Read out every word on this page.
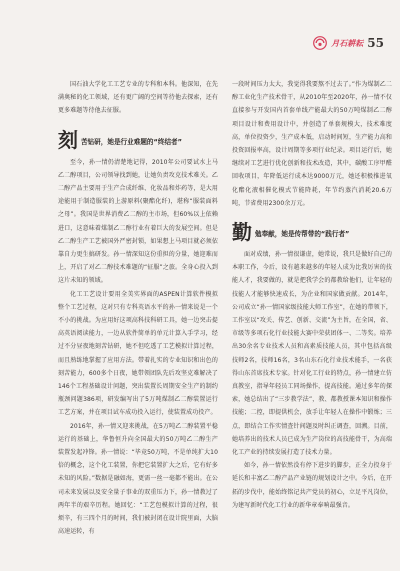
月石耕耘 55

国石油大学化工工艺专业的专科和本科。他深知，在先满奥秘的化工领域，还有更广阔的空间等待他去探索，还有更多难题等待他去征服。

刻 苦钻研，她是行业难题的“终结者”

至今，孙一情仍清楚地记得，2010年公司要试水上马乙二醇项目，公司领导找到她，让她负责攻克技术难关。乙二醇产品主要用于生产合成纤维、化妆品和炸药等，是大用途能用于制造服装的上游原料(聚酯化纤)，堪称“服装面料之母”。我国是世界消费乙二醇的主市场，但60%以上依赖进口，这意味着煤制乙二醇行业有着巨大的发展空间。但是乙二醇生产工艺被国外严密封锁，如果想上马项目就必须依靠自力更生搞研发。孙一情深知这份重担的分量，她迎难而上，开启了对乙二醇技术难题的“征服”之旅。全身心投入到这片未知的领域。

化工工艺设计要用全美实界面的ASPEN计算软件模拟整个工艺过程，这对只有专科英语水平的孙一情来说是一个不小的挑战。为应用好这项高科技科研工具，她一边突击提高英语阅读能力，一边从软件简单的单元计算入手学习，经过不分昼夜地刻苦钻研，她不但吃透了工艺模拟计算过程，而且熟练地掌握了应用方法。带着扎实的专业知识和出色的刻苦能力，600多个日夜，她带领团队先后攻坚克难解决了146个工程基础设计问题，突出装置长周期安全生产的制约瓶颈问题386项，研发编写出了5万吨煤制乙二醇装置运行工艺方案，并在项目试车成功投入运行，使装置成功投产。

2016年，孙一情又迎来挑战，在5万吨乙二醇装置平稳运行的基础上，华鲁恒升向全国最大的50万吨乙二醇生产装置发起冲锋。孙一情说：“毕竟50万吨，不是单纯扩大10倍的概念，这个化工装置，你把它装置扩大之后，它有好多未知的风险。”数据是融如海，更需一丝一毫都不能出。在公司未来发展以及安全量子事业的双重压力下，孙一情教过了两年半的艰辛历程。她回忆：“工艺包模拟计算的过程，很烦辛，有三四个月的时间，我们被封闭在设计院里面，大脑高速运转，有

一段时间压力太大，我觉得我要熬不过去了。”作为煤制乙二醇工业化生产技术骨干，从2010年至2020年，孙一情不仅直接参与开发国内首套单线产能最大的50万吨煤制乙二醇项目设计和费用设计中，并创造了单套规模大，技术难度高，单位投资少，生产成本低，启动时间短，生产能力高和投资回报率高，设计周期等多项行业纪录。项目运行后，她继续对工艺进行优化创新和技术改造，其中，碳酸工序甲醛回收项目，年降低运行成本达9000万元，她还积极推进氧化酯化液相催化模式节能降耗，年节约蒸汽消耗20.6万吨，节省费用2300余万元。

勤 勉奉献，她是传帮带的“践行者”

面对成绩，孙一情很谦虚，她常说，我只是做好自己的本职工作，今后，设有越来越多的年轻人成为比我厉害的技能人才，我要做的，就是把我学会的都教给他们，让年轻的技能人才能够快速成长，为企业和国家做贡献。2014年，公司成立“孙一情国家级技能大师工作室”，在她的带领下，工作室以“攻关、传艺、创新、交流”为主旨，在全国，省、市级等多项石化行业技能大赛中荣获团体一、二等奖。培养出30余名专业技术人员和高素质技能人员，其中包括高级技师2名，技师16名，3名山东石化行业技术能手，一名获得山东首席技术专家。针对化工行业的特点，孙一情建立仿真教室，指导年轻员工同场操作，提高技能。通过多年的探索，她总结出了“三步教学法”，教、都教授课本知识和操作技能；二控，即提供机会，放手让年轻人在操作中锻炼；三点，即结合工作实情查针间题及时纠正调查，回溯。目前，她培养出的技术人员已成为生产岗位的高技能骨干，为高端化工产业的持续发展打造了技术力量。

如今，孙一情依然没有停下进步的脚步，正全力投身于延长和丰富乙二醇产品产业链的规划设计之中。今后，在开拓的步伐中，能始终铭记共产党员的初心，立足平凡岗位，为建写新时代化工行业的新华章奉响最强音。
